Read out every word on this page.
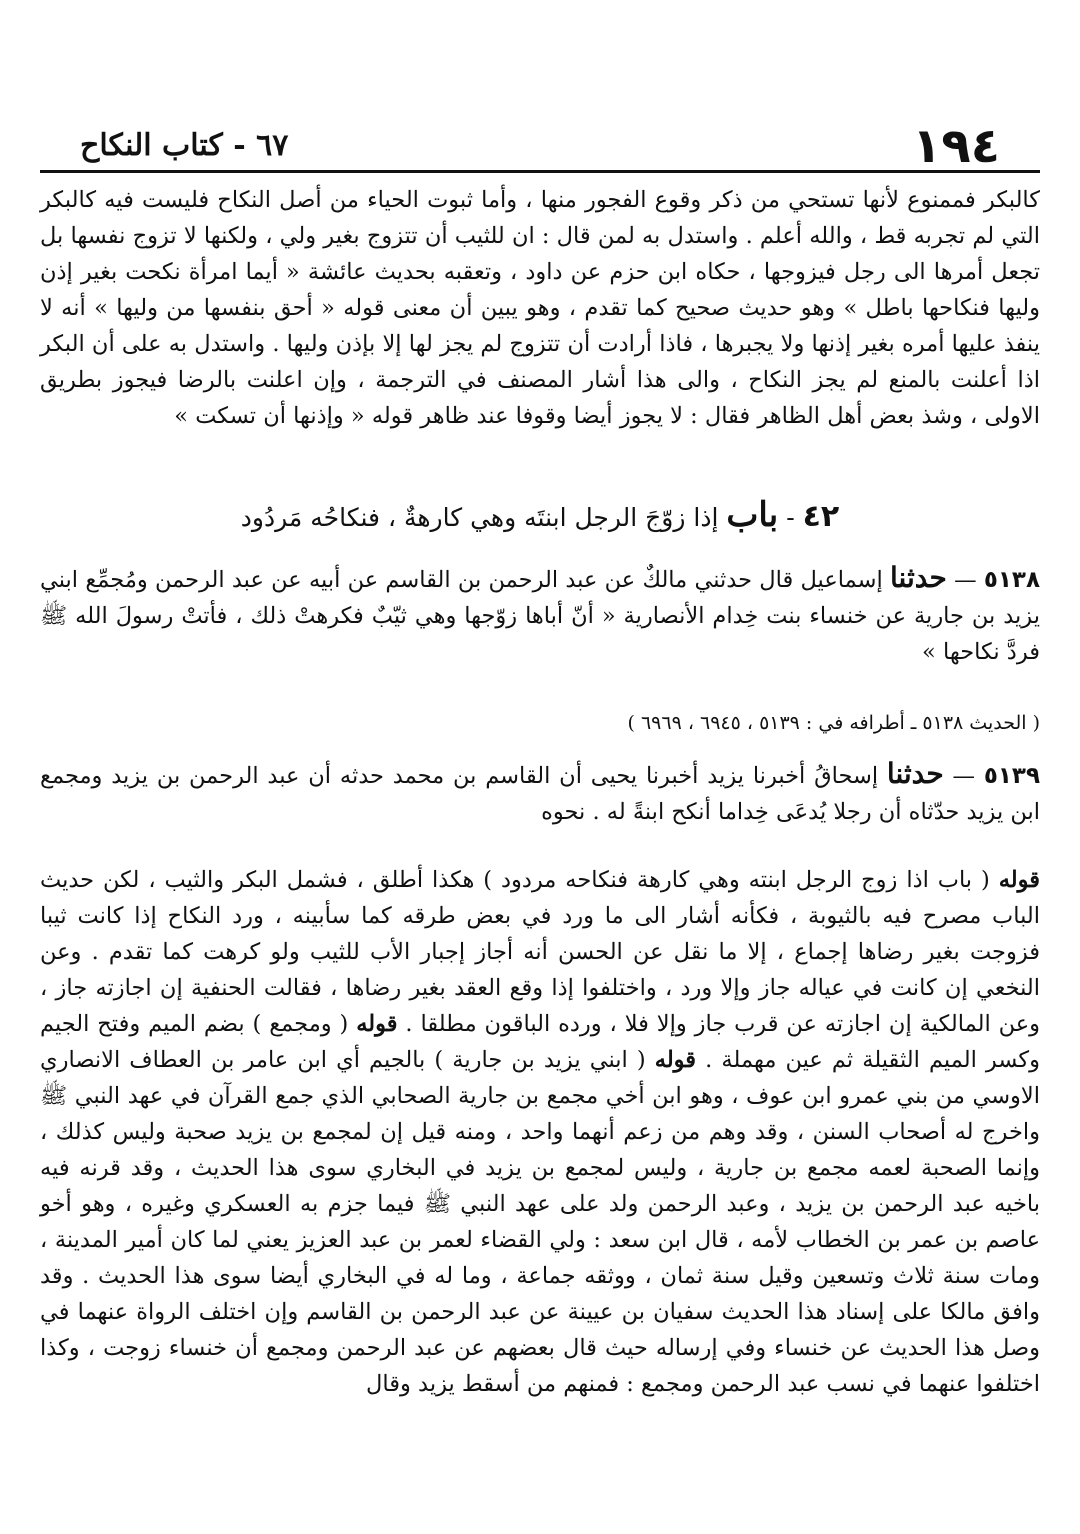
١٩٤
٦٧ - كتاب النكاح

كالبكر فممنوع لأنها تستحي من ذكر وقوع الفجور منها ، وأما ثبوت الحياء من أصل النكاح فليست فيه كالبكر التي لم تجربه قط ، والله أعلم . واستدل به لمن قال : ان للثيب أن تتزوج بغير ولي ، ولكنها لا تزوج نفسها بل تجعل أمرها الى رجل فيزوجها ، حكاه ابن حزم عن داود ، وتعقبه بحديث عائشة « أيما امرأة نكحت بغير إذن وليها فنكاحها باطل » وهو حديث صحيح كما تقدم ، وهو يبين أن معنى قوله « أحق بنفسها من وليها » أنه لا ينفذ عليها أمره بغير إذنها ولا يجبرها ، فاذا أرادت أن تتزوج لم يجز لها إلا بإذن وليها . واستدل به على أن البكر اذا أعلنت بالمنع لم يجز النكاح ، والى هذا أشار المصنف في الترجمة ، وإن اعلنت بالرضا فيجوز بطريق الاولى ، وشذ بعض أهل الظاهر فقال : لا يجوز أيضا وقوفا عند ظاهر قوله « وإذنها أن تسكت »

٤٢ - باب إذا زوّجَ الرجل ابنتَه وهي كارهةٌ ، فنكاحُه مَردُود

٥١٣٨ — حدثنا إسماعيل قال حدثني مالكٌ عن عبد الرحمن بن القاسم عن أبيه عن عبد الرحمن ومُجمِّع ابني يزيد بن جارية عن خنساء بنت خِدام الأنصارية « أنّ أباها زوّجها وهي ثيّبٌ فكرهتْ ذلك ، فأتتْ رسولَ الله ﷺ فردَّ نكاحها »

( الحديث ٥١٣٨ ـ أطرافه في : ٥١٣٩ ، ٦٩٤٥ ، ٦٩٦٩ )

٥١٣٩ — حدثنا إسحاقُ أخبرنا يزيد أخبرنا يحيى أن القاسم بن محمد حدثه أن عبد الرحمن بن يزيد ومجمع ابن يزيد حدّثاه أن رجلا يُدعَى خِداما أنكح ابنةً له . نحوه

قوله ( باب اذا زوج الرجل ابنته وهي كارهة فنكاحه مردود ) هكذا أطلق ، فشمل البكر والثيب ، لكن حديث الباب مصرح فيه بالثيوبة ، فكأنه أشار الى ما ورد في بعض طرقه كما سأبينه ، ورد النكاح إذا كانت ثيبا فزوجت بغير رضاها إجماع ، إلا ما نقل عن الحسن أنه أجاز إجبار الأب للثيب ولو كرهت كما تقدم . وعن النخعي إن كانت في عياله جاز وإلا ورد ، واختلفوا إذا وقع العقد بغير رضاها ، فقالت الحنفية إن اجازته جاز ، وعن المالكية إن اجازته عن قرب جاز وإلا فلا ، ورده الباقون مطلقا . قوله ( ومجمع ) بضم الميم وفتح الجيم وكسر الميم الثقيلة ثم عين مهملة . قوله ( ابني يزيد بن جارية ) بالجيم أي ابن عامر بن العطاف الانصاري الاوسي من بني عمرو ابن عوف ، وهو ابن أخي مجمع بن جارية الصحابي الذي جمع القرآن في عهد النبي ﷺ واخرج له أصحاب السنن ، وقد وهم من زعم أنهما واحد ، ومنه قيل إن لمجمع بن يزيد صحبة وليس كذلك ، وإنما الصحبة لعمه مجمع بن جارية ، وليس لمجمع بن يزيد في البخاري سوى هذا الحديث ، وقد قرنه فيه باخيه عبد الرحمن بن يزيد ، وعبد الرحمن ولد على عهد النبي ﷺ فيما جزم به العسكري وغيره ، وهو أخو عاصم بن عمر بن الخطاب لأمه ، قال ابن سعد : ولي القضاء لعمر بن عبد العزيز يعني لما كان أمير المدينة ، ومات سنة ثلاث وتسعين وقيل سنة ثمان ، ووثقه جماعة ، وما له في البخاري أيضا سوى هذا الحديث . وقد وافق مالكا على إسناد هذا الحديث سفيان بن عيينة عن عبد الرحمن بن القاسم وإن اختلف الرواة عنهما في وصل هذا الحديث عن خنساء وفي إرساله حيث قال بعضهم عن عبد الرحمن ومجمع أن خنساء زوجت ، وكذا اختلفوا عنهما في نسب عبد الرحمن ومجمع : فمنهم من أسقط يزيد وقال
